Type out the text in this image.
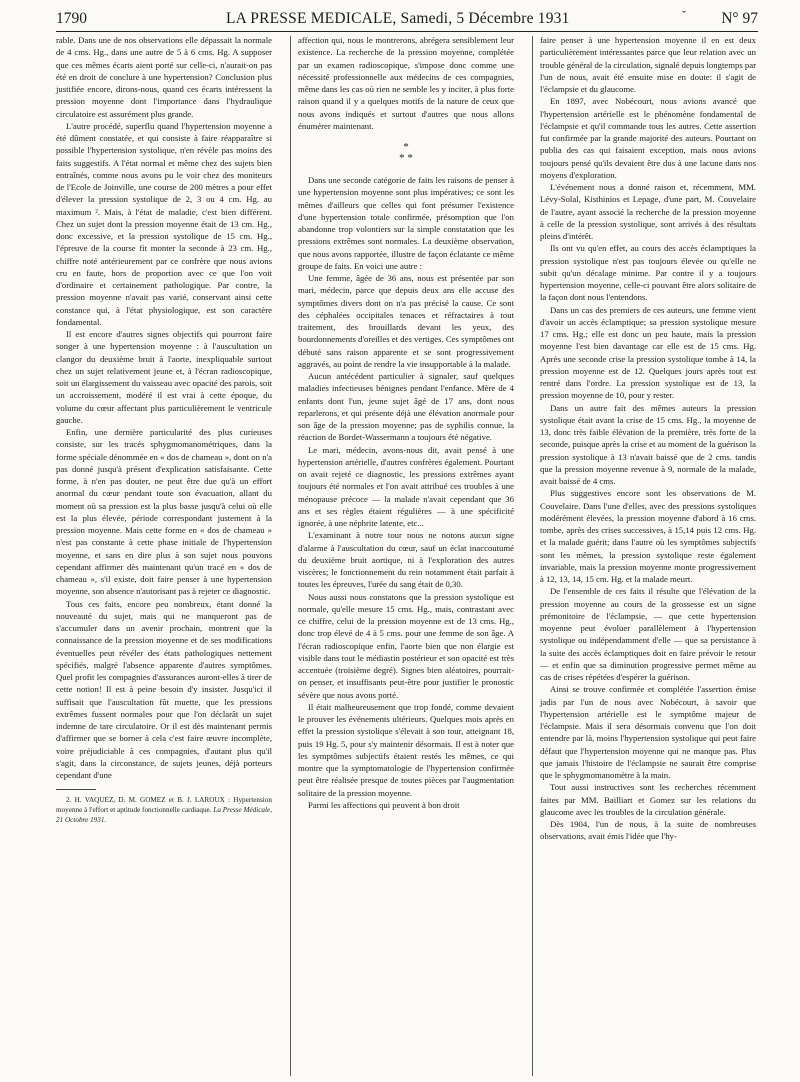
1790	LA PRESSE MEDICALE, Samedi, 5 Décembre 1931	ˇ N° 97

rable. Dans une de nos observations elle dépassait la normale de 4 cms. Hg., dans une autre de 5 à 6 cms. Hg. A supposer que ces mêmes écarts aient porté sur celle-ci, n'aurait-on pas été en droit de conclure à une hypertension? Conclusion plus justifiée encore, dirons-nous, quand ces écarts intéressent la pression moyenne dont l'importance dans l'hydraulique circulatoire est assurément plus grande.

L'autre procédé, superflu quand l'hypertension moyenne a été dûment constatée, et qui consiste à faire réapparaître si possible l'hypertension systolique, n'en révèle pas moins des faits suggestifs. A l'état normal et même chez des sujets bien entraînés, comme nous avons pu le voir chez des moniteurs de l'Ecole de Joinville, une course de 200 mètres a pour effet d'élever la pression systolique de 2, 3 ou 4 cm. Hg. au maximum ². Mais, à l'état de maladie, c'est bien différent. Chez un sujet dont la pression moyenne était de 13 cm. Hg., donc excessive, et la pression systolique de 15 cm. Hg., l'épreuve de la course fit monter la seconde à 23 cm. Hg., chiffre noté antérieurement par ce confrère que nous avions cru en faute, hors de proportion avec ce que l'on voit d'ordinaire et certainement pathologique. Par contre, la pression moyenne n'avait pas varié, conservant ainsi cette constance qui, à l'état physiologique, est son caractère fondamental.

Il est encore d'autres signes objectifs qui pourront faire songer à une hypertension moyenne : à l'auscultation un clangor du deuxième bruit à l'aorte, inexpliquable surtout chez un sujet relativement jeune et, à l'écran radioscopique, soit un élargissement du vaisseau avec opacité des parois, soit un accroissement, modéré il est vrai à cette époque, du volume du cœur affectant plus particulièrement le ventricule gauche.

Enfin, une dernière particularité des plus curieuses consiste, sur les tracés sphygmomanométriques, dans la forme spéciale dénommée en « dos de chameau », dont on n'a pas donné jusqu'à présent d'explication satisfaisante. Cette forme, à n'en pas douter, ne peut être due qu'à un effort anormal du cœur pendant toute son évacuation, allant du moment où sa pression est la plus basse jusqu'à celui où elle est la plus élevée, période correspondant justement à la pression moyenne. Mais cette forme en « dos de chameau » n'est pas constante à cette phase initiale de l'hypertension moyenne, et sans en dire plus à son sujet nous pouvons cependant affirmer dès maintenant qu'un tracé en « dos de chameau », s'il existe, doit faire penser à une hypertension moyenne, son absence n'autorisant pas à rejeter ce diagnostic.

Tous ces faits, encore peu nombreux, étant donné la nouveauté du sujet, mais qui ne manqueront pas de s'accumuler dans un avenir prochain, montrent que la connaissance de la pression moyenne et de ses modifications éventuelles peut révéler des états pathologiques nettement spécifiés, malgré l'absence apparente d'autres symptômes. Quel profit les compagnies d'assurances auront-elles à tirer de cette notion! Il est à peine besoin d'y insister. Jusqu'ici il suffisait que l'auscultation fût muette, que les pressions extrêmes fussent normales pour que l'on déclarât un sujet indemne de tare circulatoire. Or il est dès maintenant permis d'affirmer que se borner à cela c'est faire œuvre incomplète, voire préjudiciable à ces compagnies, d'autant plus qu'il s'agit, dans la circonstance, de sujets jeunes, déjà porteurs cependant d'une

2. H. VAQUEZ, D. M. GOMEZ et B. J. LAROUX : Hypertension moyenne à l'effort et aptitude fonctionnelle cardiaque. La Presse Médicale, 21 Octobre 1931.

affection qui, nous le montrerons, abrégera sensiblement leur existence. La recherche de la pression moyenne, complétée par un examen radioscopique, s'impose donc comme une nécessité professionnelle aux médecins de ces compagnies, même dans les cas où rien ne semble les y inciter, à plus forte raison quand il y a quelques motifs de la nature de ceux que nous avons indiqués et surtout d'autres que nous allons énumérer maintenant.

*
* *

Dans une seconde catégorie de faits les raisons de penser à une hypertension moyenne sont plus impératives; ce sont les mêmes d'ailleurs que celles qui font présumer l'existence d'une hypertension totale confirmée, présomption que l'on abandonne trop volontiers sur la simple constatation que les pressions extrêmes sont normales. La deuxième observation, que nous avons rapportée, illustre de façon éclatante ce même groupe de faits. En voici une autre :

Une femme, âgée de 36 ans, nous est présentée par son mari, médecin, parce que depuis deux ans elle accuse des symptômes divers dont on n'a pas précisé la cause. Ce sont des céphalées occipitales tenaces et réfractaires à tout traitement, des brouillards devant les yeux, des bourdonnements d'oreilles et des vertiges. Ces symptômes ont débuté sans raison apparente et se sont progressivement aggravés, au point de rendre la vie insupportable à la malade.

Aucun antécédent particulier à signaler, sauf quelques maladies infectieuses bénignes pendant l'enfance. Mère de 4 enfants dont l'un, jeune sujet âgé de 17 ans, dont nous reparlerons, et qui présente déjà une élévation anormale pour son âge de la pression moyenne; pas de syphilis connue, la réaction de Bordet-Wassermann a toujours été négative.

Le mari, médecin, avons-nous dit, avait pensé à une hypertension artérielle, d'autres confrères également. Pourtant on avait rejeté ce diagnostic, les pressions extrêmes ayant toujours été normales et l'on avait attribué ces troubles à une ménopause précoce — la malade n'avait cependant que 36 ans et ses règles étaient régulières — à une spécificité ignorée, à une néphrite latente, etc...

L'examinant à notre tour nous ne notons aucun signe d'alarme à l'auscultation du cœur, sauf un éclat inaccoutumé du deuxième bruit aortique, ni à l'exploration des autres viscères; le fonctionnement du rein notamment était parfait à toutes les épreuves, l'urée du sang était de 0,30.

Nous aussi nous constatons que la pression systolique est normale, qu'elle mesure 15 cms. Hg., mais, contrastant avec ce chiffre, celui de la pression moyenne est de 13 cms. Hg., donc trop élevé de 4 à 5 cms. pour une femme de son âge. A l'écran radioscopique enfin, l'aorte bien que non élargie est visible dans tout le médiastin postérieur et son opacité est très accentuée (troisième degré). Signes bien aléatoires, pourrait-on penser, et insuffisants peut-être pour justifier le pronostic sévère que nous avons porté.

Il était malheureusement que trop fondé, comme devaient le prouver les événements ultérieurs. Quelques mois après en effet la pression systolique s'élevait à son tour, atteignant 18, puis 19 Hg. 5, pour s'y maintenir désormais. Il est à noter que les symptômes subjectifs étaient restés les mêmes, ce qui montre que la symptomatologie de l'hypertension confirmée peut être réalisée presque de toutes pièces par l'augmentation solitaire de la pression moyenne.

Parmi les affections qui peuvent à bon droit

faire penser à une hypertension moyenne il en est deux particulièrement intéressantes parce que leur relation avec un trouble général de la circulation, signalé depuis longtemps par l'un de nous, avait été ensuite mise en doute: il s'agit de l'éclampsie et du glaucome.

En 1897, avec Nobécourt, nous avions avancé que l'hypertension artérielle est le phénomène fondamental de l'éclampsie et qu'il commande tous les autres. Cette assertion fut confirmée par la grande majorité des auteurs. Pourtant on publia des cas qui faisaient exception, mais nous avions toujours pensé qu'ils devaient être dus à une lacune dans nos moyens d'exploration.

L'événement nous a donné raison et, récemment, MM. Lévy-Solal, Kisthinios et Lepage, d'une part, M. Couvelaire de l'autre, ayant associé la recherche de la pression moyenne à celle de la pression systolique, sont arrivés à des résultats pleins d'intérêt.

Ils ont vu qu'en effet, au cours des accès éclamptiques la pression systolique n'est pas toujours élevée ou qu'elle ne subit qu'un décalage minime. Par contre il y a toujours hypertension moyenne, celle-ci pouvant être alors solitaire de la façon dont nous l'entendons.

Dans un cas des premiers de ces auteurs, une femme vient d'avoir un accès éclamptique; sa pression systolique mesure 17 cms. Hg.; elle est donc un peu haute, mais la pression moyenne l'est bien davantage car elle est de 15 cms. Hg. Après une seconde crise la pression systolique tombe à 14, la pression moyenne est de 12. Quelques jours après tout est rentré dans l'ordre. La pression systolique est de 13, la pression moyenne de 10, pour y rester.

Dans un autre fait des mêmes auteurs la pression systolique était avant la crise de 15 cms. Hg., la moyenne de 13, donc très faible élévation de la première, très forte de la seconde, puisque après la crise et au moment de la guérison la pression systolique à 13 n'avait baissé que de 2 cms. tandis que la pression moyenne revenue à 9, normale de la malade, avait baissé de 4 cms.

Plus suggestives encore sont les observations de M. Couvelaire. Dans l'une d'elles, avec des pressions systoliques modérément élevées, la pression moyenne d'abord à 16 cms. tombe, après des crises successives, à 15,14 puis 12 cms. Hg. et la malade guérit; dans l'autre où les symptômes subjectifs sont les mêmes, la pression systolique reste également invariable, mais la pression moyenne monte progressivement à 12, 13, 14, 15 cm. Hg. et la malade meurt.

De l'ensemble de ces faits il résulte que l'élévation de la pression moyenne au cours de la grossesse est un signe prémonitoire de l'éclampsie, — que cette hypertension moyenne peut évoluer parallèlement à l'hypertension systolique ou indépendamment d'elle — que sa persistance à la suite des accès éclamptiques doit en faire prévoir le retour — et enfin que sa diminution progressive permet même au cas de crises répétées d'espérer la guérison.

Ainsi se trouve confirmée et complétée l'assertion émise jadis par l'un de nous avec Nobécourt, à savoir que l'hypertension artérielle est le symptôme majeur de l'éclampsie. Mais il sera désormais convenu que l'on doit entendre par là, moins l'hypertension systolique qui peut faire défaut que l'hypertension moyenne qui ne manque pas. Plus que jamais l'histoire de l'éclampsie ne saurait être comprise que le sphygmomanomètre à la main.

Tout aussi instructives sont les recherches récemment faites par MM. Bailliart et Gomez sur les relations du glaucome avec les troubles de la circulation générale.

Dès 1904, l'un de nous, à la suite de nombreuses observations, avait émis l'idée que l'hy-
